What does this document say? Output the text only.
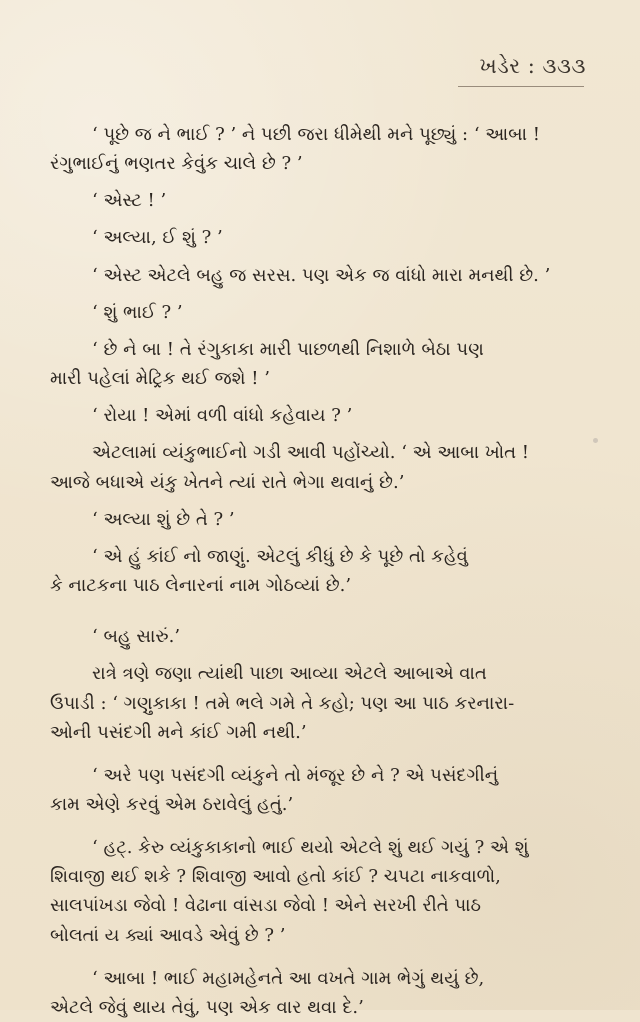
ખડેર : ૩૩૩

‘ પૂછે જ ને ભાઈ ? ’ ને પછી જરા ધીમેથી મને પૂછ્યું : ‘ આબા !
રંગુભાઈનું ભણતર કેવુંક ચાલે છે ? ’

‘ એસ્ટ ! ’

‘ અલ્યા, ઈ શું ? ’

‘ એસ્ટ એટલે બહુ જ સરસ. પણ એક જ વાંધો મારા મનથી છે. ’

‘ શું ભાઈ ? ’

‘ છે ને બા ! તે રંગુકાકા મારી પાછળથી નિશાળે બેઠા પણ
મારી પહેલાં મેટ્રિક થઈ જશે ! ’

‘ રોયા ! એમાં વળી વાંધો કહેવાય ? ’

એટલામાં વ્યંકુભાઈનો ગડી આવી પહોંચ્યો. ‘ એ આબા ખોત !
આજે બધાએ યંકુ ખેતને ત્યાં રાતે ભેગા થવાનું છે.’

‘ અલ્યા શું છે તે ? ’

‘ એ હું કાંઈ નો જાણું. એટલું કીધું છે કે પૂછે તો કહેવું
કે નાટકના પાઠ લેનારનાં નામ ગોઠવ્યાં છે.’

‘ બહુ સારું.’

રાત્રે ત્રણે જણા ત્યાંથી પાછા આવ્યા એટલે આબાએ વાત
ઉપાડી : ‘ ગણુકાકા ! તમે ભલે ગમે તે કહો; પણ આ પાઠ કરનારા-
ઓની પસંદગી મને કાંઈ ગમી નથી.’

‘ અરે પણ પસંદગી વ્યંકુને તો મંજૂર છે ને ? એ પસંદગીનું
કામ એણે કરવું એમ ઠરાવેલું હતું.’

‘ હટ્. કેરુ વ્યંકુકાકાનો ભાઈ થયો એટલે શું થઈ ગયું ? એ શું
શિવાજી થઈ શકે ? શિવાજી આવો હતો કાંઈ ? ચપટા નાકવાળો,
સાલપાંખડા જેવો ! વેઢાના વાંસડા જેવો ! એને સરખી રીતે પાઠ
બોલતાં ય ક્યાં આવડે એવું છે ? ’

‘ આબા ! ભાઈ મહામહેનતે આ વખતે ગામ ભેગું થયું છે,
એટલે જેવું થાય તેવું, પણ એક વાર થવા દે.’
